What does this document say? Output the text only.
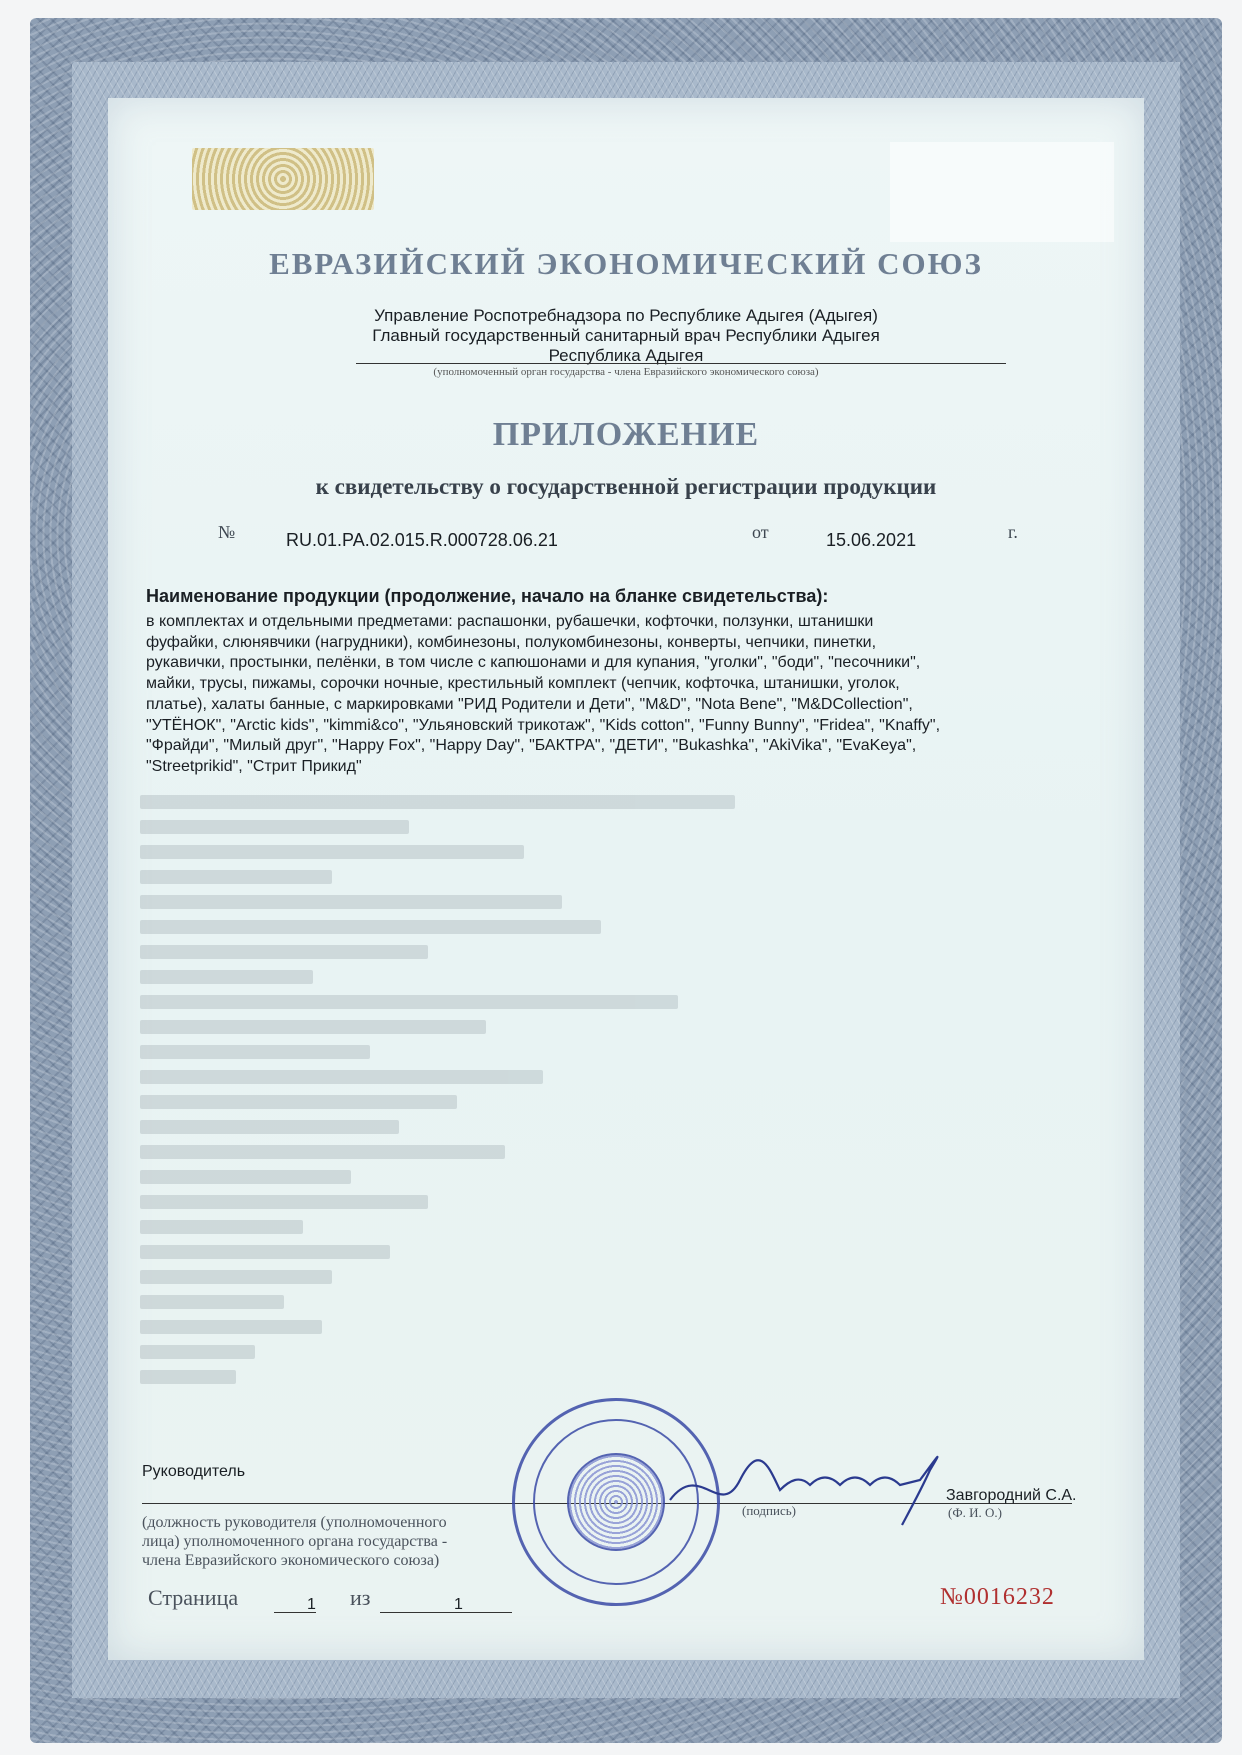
ЕВРАЗИЙСКИЙ ЭКОНОМИЧЕСКИЙ СОЮЗ
Управление Роспотребнадзора по Республике Адыгея (Адыгея)
Главный государственный санитарный врач Республики Адыгея
Республика Адыгея
(уполномоченный орган государства - члена Евразийского экономического союза)
ПРИЛОЖЕНИЕ
к свидетельству о государственной регистрации продукции
№	RU.01.PA.02.015.R.000728.06.21	от	15.06.2021	г.
Наименование продукции (продолжение, начало на бланке свидетельства):
в комплектах и отдельными предметами: распашонки, рубашечки, кофточки, ползунки, штанишки
фуфайки, слюнявчики (нагрудники), комбинезоны, полукомбинезоны, конверты, чепчики, пинетки,
рукавички, простынки, пелёнки, в том числе с капюшонами и для купания, "уголки", "боди", "песочники",
майки, трусы, пижамы, сорочки ночные, крестильный комплект (чепчик, кофточка, штанишки, уголок,
платье), халаты банные, с маркировками "РИД Родители и Дети", "M&D", "Nota Bene", "M&DCollection",
"УТЁНОК", "Arctic kids", "kimmi&co", "Ульяновский трикотаж", "Kids cotton", "Funny Bunny", "Fridea", "Knaffy",
"Фрайди", "Милый друг", "Happy Fox", "Happy Day", "БАКТРА", "ДЕТИ", "Bukashka", "AkiVika", "EvaKeya",
"Streetprikid", "Стрит Прикид"
Руководитель
(должность руководителя (уполномоченного
лица) уполномоченного органа государства -
члена Евразийского экономического союза)
(подпись)
Завгородний С.А.
(Ф. И. О.)
Страница	1 из	1	№0016232
